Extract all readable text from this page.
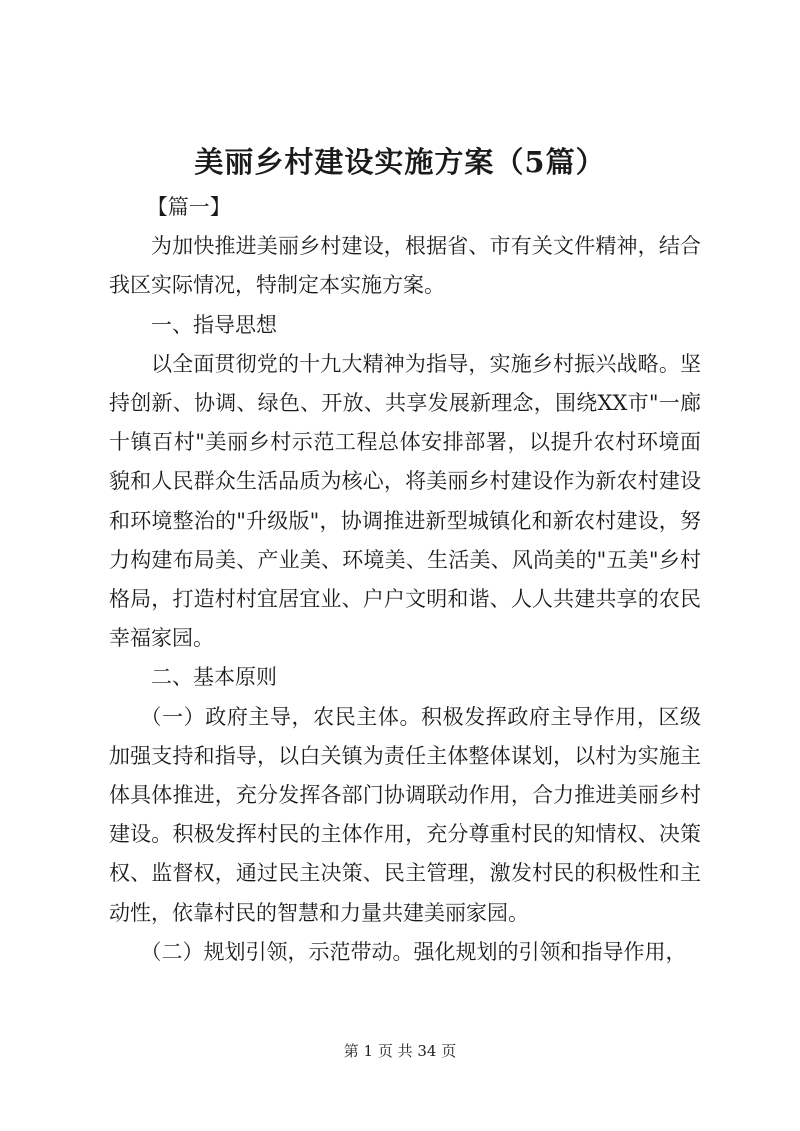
美丽乡村建设实施方案（5篇）

【篇一】

为加快推进美丽乡村建设，根据省、市有关文件精神，结合我区实际情况，特制定本实施方案。

一、指导思想

以全面贯彻党的十九大精神为指导，实施乡村振兴战略。坚持创新、协调、绿色、开放、共享发展新理念，围绕XX市"一廊十镇百村"美丽乡村示范工程总体安排部署，以提升农村环境面貌和人民群众生活品质为核心，将美丽乡村建设作为新农村建设和环境整治的"升级版"，协调推进新型城镇化和新农村建设，努力构建布局美、产业美、环境美、生活美、风尚美的"五美"乡村格局，打造村村宜居宜业、户户文明和谐、人人共建共享的农民幸福家园。

二、基本原则

（一）政府主导，农民主体。积极发挥政府主导作用，区级加强支持和指导，以白关镇为责任主体整体谋划，以村为实施主体具体推进，充分发挥各部门协调联动作用，合力推进美丽乡村建设。积极发挥村民的主体作用，充分尊重村民的知情权、决策权、监督权，通过民主决策、民主管理，激发村民的积极性和主动性，依靠村民的智慧和力量共建美丽家园。

（二）规划引领，示范带动。强化规划的引领和指导作用，

第 1 页 共 34 页
